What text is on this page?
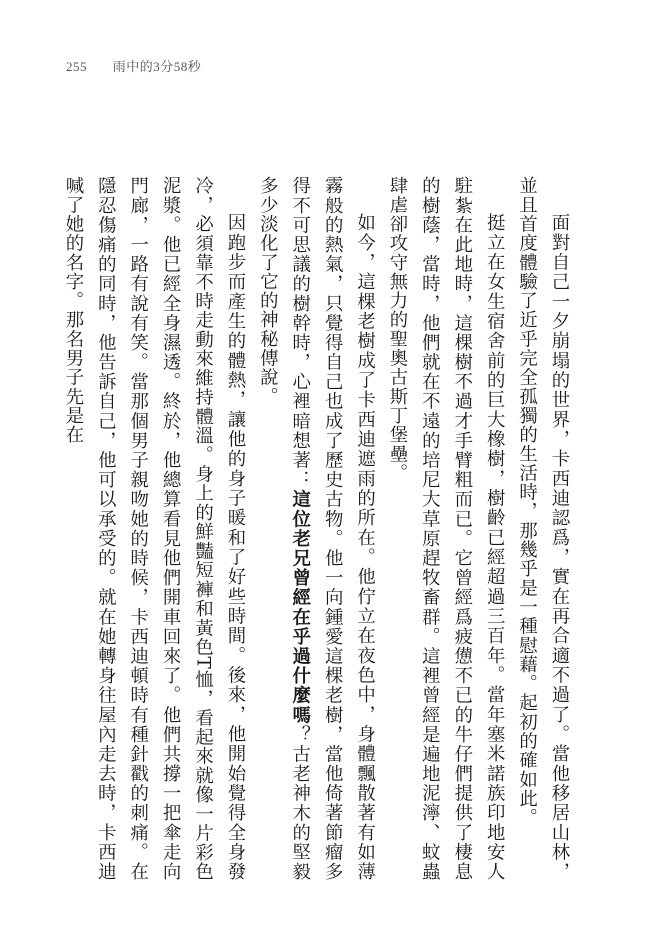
255 雨中的3分58秒

面對自己一夕崩塌的世界，卡西迪認爲，實在再合適不過了。當他移居山林，並且首度體驗了近乎完全孤獨的生活時，那幾乎是一種慰藉。起初的確如此。

挺立在女生宿舍前的巨大橡樹，樹齡已經超過三百年。當年塞米諾族印地安人駐紮在此地時，這棵樹不過才手臂粗而已。它曾經爲疲憊不已的牛仔們提供了棲息的樹蔭，當時，他們就在不遠的培尼大草原趕牧畜群。這裡曾經是遍地泥濘、蚊蟲肆虐卻攻守無力的聖奧古斯丁堡壘。

如今，這棵老樹成了卡西迪遮雨的所在。他佇立在夜色中，身體飄散著有如薄霧般的熱氣，只覺得自己也成了歷史古物。他一向鍾愛這棵老樹，當他倚著節瘤多得不可思議的樹幹時，心裡暗想著：這位老兄曾經在乎過什麼嗎？古老神木的堅毅多少淡化了它的神秘傳說。

因跑步而產生的體熱，讓他的身子暖和了好些時間。後來，他開始覺得全身發冷，必須靠不時走動來維持體溫。身上的鮮豔短褲和黃色T恤，看起來就像一片彩色泥漿。他已經全身濕透。終於，他總算看見他們開車回來了。他們共撐一把傘走向門廊，一路有說有笑。當那個男子親吻她的時候，卡西迪頓時有種針戳的刺痛。在隱忍傷痛的同時，他告訴自己，他可以承受的。就在她轉身往屋內走去時，卡西迪喊了她的名字。那名男子先是在
